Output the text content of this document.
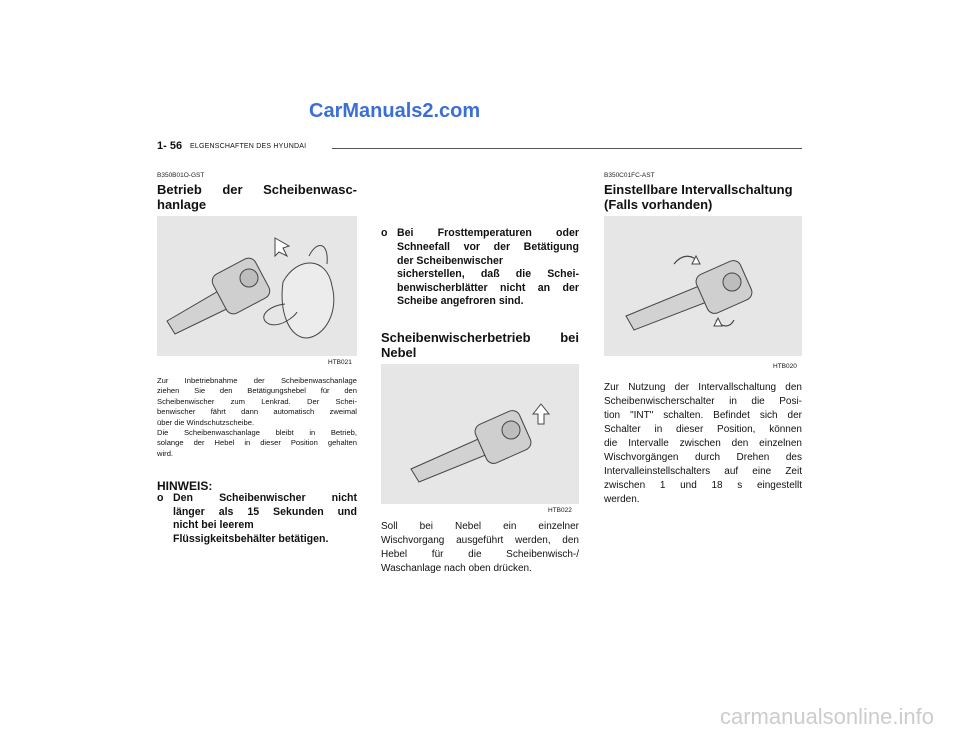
CarManuals2.com
1- 56 ELGENSCHAFTEN DES HYUNDAI
B350B01O-GST
Betrieb der Scheibenwasc-
hanlage
HTB021
Zur Inbetriebnahme der Scheibenwaschanlage
ziehen Sie den Betätigungshebel für den
Scheibenwischer zum Lenkrad. Der Schei-
benwischer fährt dann automatisch zweimal
über die Windschutzscheibe.
Die Scheibenwaschanlage bleibt in Betrieb,
solange der Hebel in dieser Position gehalten
wird.
HINWEIS:
o Den Scheibenwischer nicht
länger als 15 Sekunden und
nicht bei leerem
Flüssigkeitsbehälter betätigen.
o Bei Frosttemperaturen oder
Schneefall vor der Betätigung
der Scheibenwischer
sicherstellen, daß die Schei-
benwischerblätter nicht an der
Scheibe angefroren sind.
Scheibenwischerbetrieb bei
Nebel
HTB022
Soll bei Nebel ein einzelner
Wischvorgang ausgeführt werden, den
Hebel für die Scheibenwisch-/
Waschanlage nach oben drücken.
B350C01FC-AST
Einstellbare Intervallschaltung
(Falls vorhanden)
HTB020
Zur Nutzung der Intervallschaltung den
Scheibenwischerschalter in die Posi-
tion "INT" schalten. Befindet sich der
Schalter in dieser Position, können
die Intervalle zwischen den einzelnen
Wischvorgängen durch Drehen des
Intervalleinstellschalters auf eine Zeit
zwischen 1 und 18 s eingestellt
werden.
carmanualsonline.info
